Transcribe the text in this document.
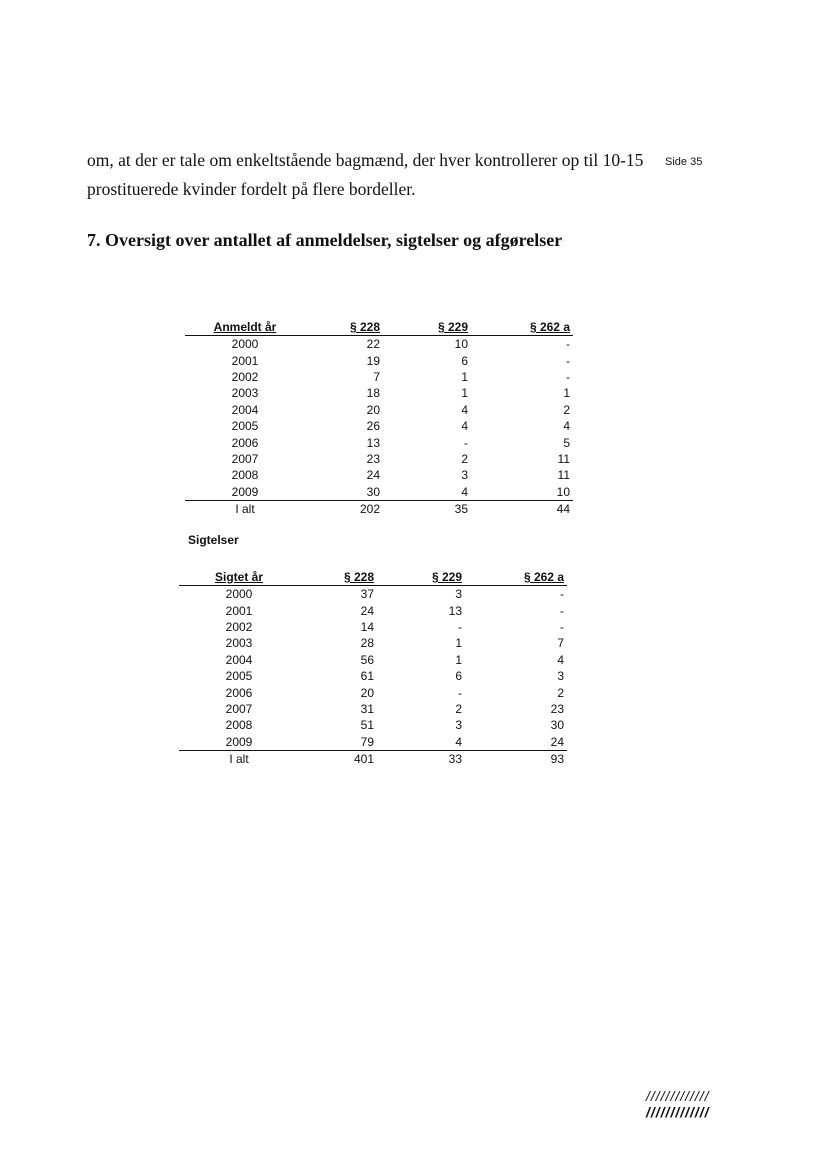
om, at der er tale om enkeltstående bagmænd, der hver kontrollerer op til 10-15
prostituerede kvinder fordelt på flere bordeller.
Side 35
7. Oversigt over antallet af anmeldelser, sigtelser og afgørelser
Anmeldt år	§ 228	§ 229	§ 262 a
2000	22	10	-
2001	19	6	-
2002	7	1	-
2003	18	1	1
2004	20	4	2
2005	26	4	4
2006	13	-	5
2007	23	2	11
2008	24	3	11
2009	30	4	10
I alt	202	35	44
Sigtelser
Sigtet år	§ 228	§ 229	§ 262 a
2000	37	3	-
2001	24	13	-
2002	14	-	-
2003	28	1	7
2004	56	1	4
2005	61	6	3
2006	20	-	2
2007	31	2	23
2008	51	3	30
2009	79	4	24
I alt	401	33	93
/////////////
/////////////
